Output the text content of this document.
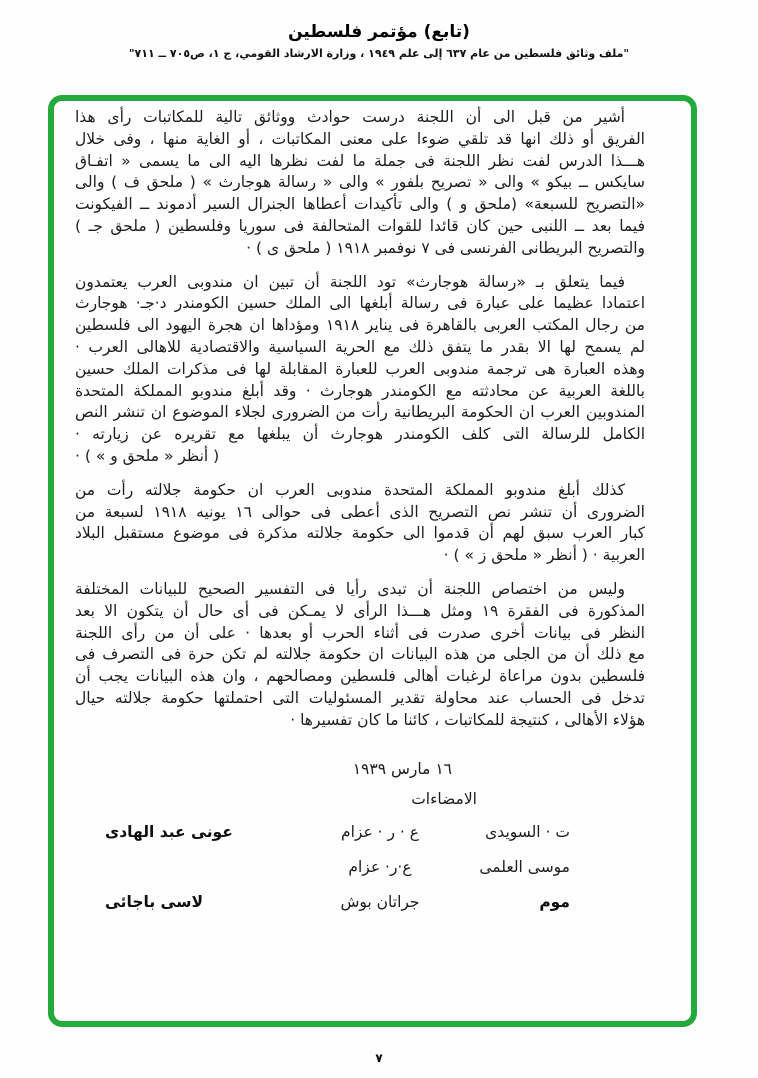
(تابع) مؤتمر فلسطين
"ملف وثائق فلسطين من عام ٦٣٧ إلى علم ١٩٤٩ ، وزارة الارشاد القومي، ج ١، ص٧٠٥ ــ ٧١١"
أشير من قبل الى أن اللجنة درست حوادث ووثائق تالية للمكاتبات رأى هذا
الفريق أو ذلك انها قد تلقي ضوءا على معنى المكاتبات ، أو الغاية منها ، وفى خلال
هـــذا الدرس لفت نظر اللجنة فى جملة ما لفت نظرها اليه الى ما يسمى « اتفـاق
سايكس ــ بيكو » والى « تصريح بلفور » والى « رسالة هوجارث » ( ملحق ف ) والى
«التصريح للسبعة» (ملحق و ) والى تأكيدات أعطاها الجنرال السير أدموند ــ الفيكونت
فيما بعد ــ اللنبى حين كان قائدا للقوات المتحالفة فى سوريا وفلسطين ( ملحق جـ )
والتصريح البريطانى الفرنسى فى ٧ نوفمبر ١٩١٨ ( ملحق ى ) ·
فيما يتعلق بـ «رسالة هوجارث» تود اللجنة أن تبين ان مندوبى العرب يعتمدون
اعتمادا عظيما على عبارة فى رسالة أبلغها الى الملك حسين الكومندر د·جـ· هوجارث
من رجال المكتب العربى بالقاهرة فى يناير ١٩١٨ ومؤداها ان هجرة اليهود الى فلسطين
لم يسمح لها الا بقدر ما يتفق ذلك مع الحرية السياسية والاقتصادية للاهالى العرب ·
وهذه العبارة هى ترجمة مندوبى العرب للعبارة المقابلة لها فى مذكرات الملك حسين
باللغة العربية عن محادثته مع الكومندر هوجارث · وقد أبلغ مندوبو المملكة المتحدة
المندوبين العرب ان الحكومة البريطانية رأت من الضرورى لجلاء الموضوع ان تنشر النص
الكامل للرسالة التى كلف الكومندر هوجارث أن يبلغها مع تقريره عن زيارته ·
( أنظر « ملحق و » ) ·
كذلك أبلغ مندوبو المملكة المتحدة مندوبى العرب ان حكومة جلالته رأت من
الضرورى أن تنشر نص التصريح الذى أعطى فى حوالى ١٦ يونيه ١٩١٨ لسبعة من
كبار العرب سبق لهم أن قدموا الى حكومة جلالته مذكرة فى موضوع مستقبل البلاد
العربية · ( أنظر « ملحق ز » ) ·
وليس من اختصاص اللجنة أن تبدى رأيا فى التفسير الصحيح للبيانات المختلفة
المذكورة فى الفقرة ١٩ ومثل هـــذا الرأى لا يمـكن فى أى حال أن يتكون الا بعد
النظر فى بيانات أخرى صدرت فى أثناء الحرب أو بعدها · على أن من رأى اللجنة
مع ذلك أن من الجلى من هذه البيانات ان حكومة جلالته لم تكن حرة فى التصرف فى
فلسطين بدون مراعاة لرغبات أهالى فلسطين ومصالحهم ، وان هذه البيانات يجب أن
تدخل فى الحساب عند محاولة تقدير المسئوليات التى احتملتها حكومة جلالته حيال
هؤلاء الأهالى ، كنتيجة للمكاتبات ، كائنا ما كان تفسيرها ·
١٦ مارس ١٩٣٩
الامضاءات
ت · السويدى
ع · ر · عزام
عونى عبد الهادى
موسى العلمى
ع·ر· عزام
موم
جراتان بوش
لاسى باجائى
٧
